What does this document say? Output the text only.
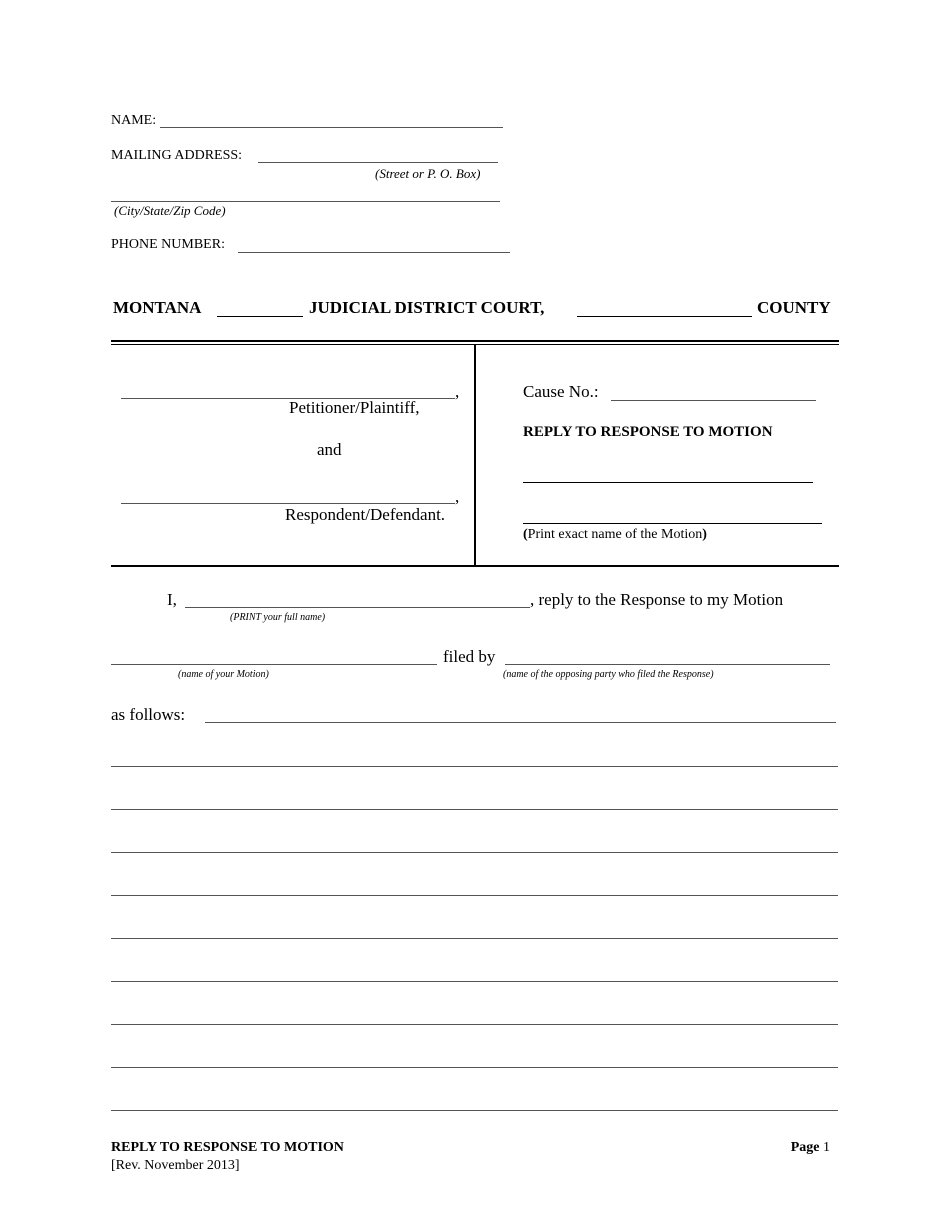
NAME:
MAILING ADDRESS:
(Street or P. O. Box)
(City/State/Zip Code)
PHONE NUMBER:
MONTANA	JUDICIAL DISTRICT COURT,	COUNTY
,
Petitioner/Plaintiff,
and
,
Respondent/Defendant.
Cause No.:
REPLY TO RESPONSE TO MOTION
(Print exact name of the Motion)
I,	, reply to the Response to my Motion
(PRINT your full name)
filed by
(name of your Motion)	(name of the opposing party who filed the Response)
as follows:
REPLY TO RESPONSE TO MOTION
[Rev. November 2013]
Page 1
